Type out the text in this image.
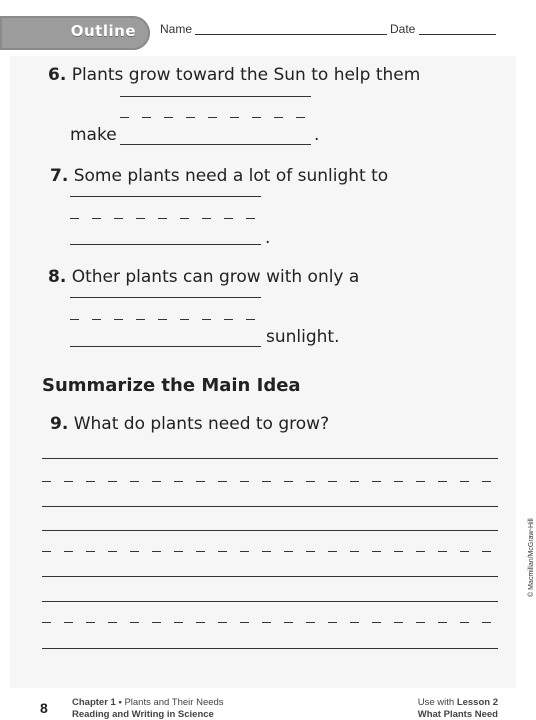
Outline Name	Date
6. Plants grow toward the Sun to help them
make	.
7. Some plants need a lot of sunlight to
.
8. Other plants can grow with only a
sunlight.
Summarize the Main Idea
9. What do plants need to grow?
© Macmillan/McGraw-Hill
8	Chapter 1 • Plants and Their Needs
Reading and Writing in Science
Use with Lesson 2
What Plants Need
